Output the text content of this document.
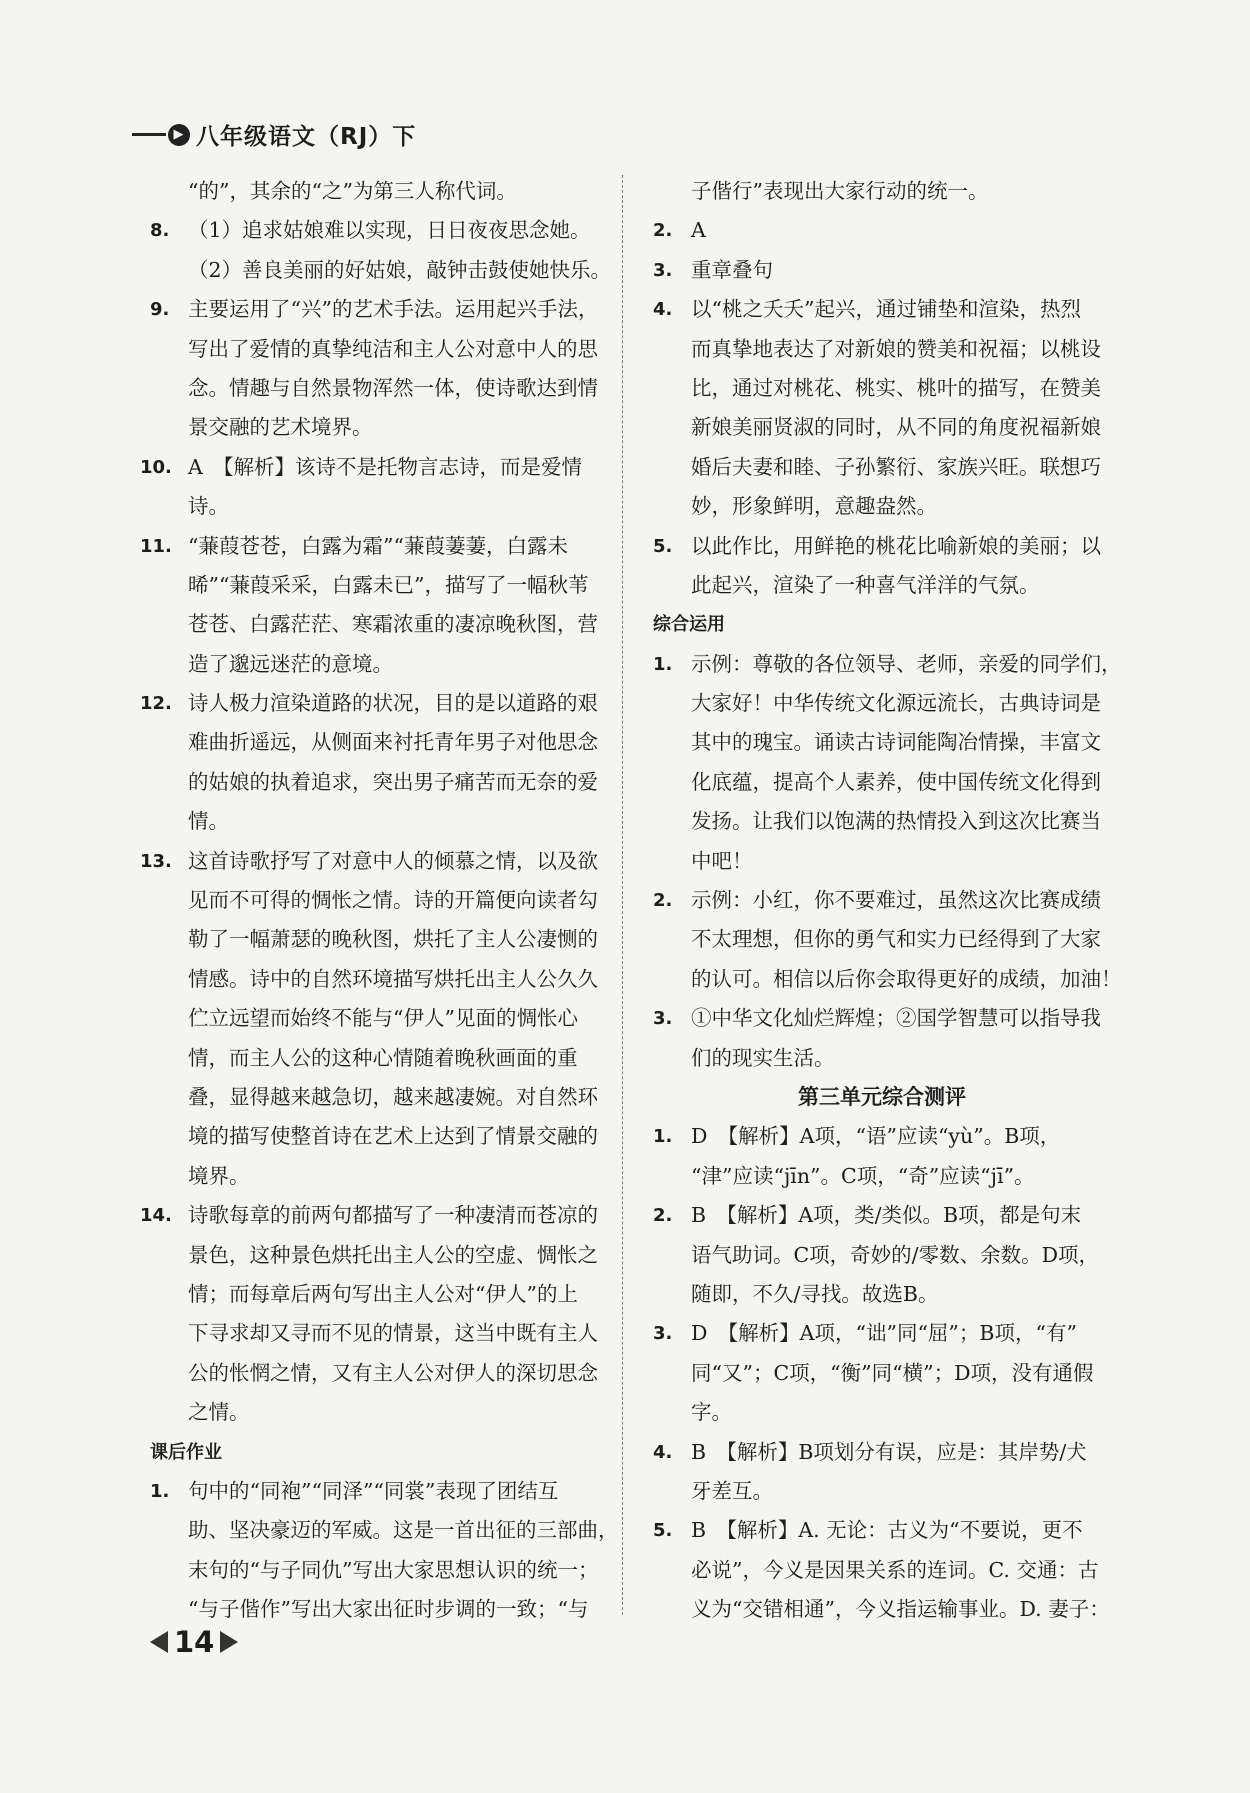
▶ 八年级语文（RJ）下
“的”，其余的“之”为第三人称代词。
8. （1）追求姑娘难以实现，日日夜夜思念她。
（2）善良美丽的好姑娘，敲钟击鼓使她快乐。
9. 主要运用了“兴”的艺术手法。运用起兴手法，
写出了爱情的真挚纯洁和主人公对意中人的思
念。情趣与自然景物浑然一体，使诗歌达到情
景交融的艺术境界。
10. A　【解析】该诗不是托物言志诗，而是爱情
诗。
11. “蒹葭苍苍，白露为霜”“蒹葭萋萋，白露未
晞”“蒹葭采采，白露未已”，描写了一幅秋苇
苍苍、白露茫茫、寒霜浓重的凄凉晚秋图，营
造了邈远迷茫的意境。
12. 诗人极力渲染道路的状况，目的是以道路的艰
难曲折遥远，从侧面来衬托青年男子对他思念
的姑娘的执着追求，突出男子痛苦而无奈的爱
情。
13. 这首诗歌抒写了对意中人的倾慕之情，以及欲
见而不可得的惆怅之情。诗的开篇便向读者勾
勒了一幅萧瑟的晚秋图，烘托了主人公凄恻的
情感。诗中的自然环境描写烘托出主人公久久
伫立远望而始终不能与“伊人”见面的惆怅心
情，而主人公的这种心情随着晚秋画面的重
叠，显得越来越急切，越来越凄婉。对自然环
境的描写使整首诗在艺术上达到了情景交融的
境界。
14. 诗歌每章的前两句都描写了一种凄清而苍凉的
景色，这种景色烘托出主人公的空虚、惆怅之
情；而每章后两句写出主人公对“伊人”的上
下寻求却又寻而不见的情景，这当中既有主人
公的怅惘之情，又有主人公对伊人的深切思念
之情。
课后作业
1. 句中的“同袍”“同泽”“同裳”表现了团结互
助、坚决豪迈的军威。这是一首出征的三部曲，
末句的“与子同仇”写出大家思想认识的统一；
“与子偕作”写出大家出征时步调的一致；“与
子偕行”表现出大家行动的统一。
2. A
3. 重章叠句
4. 以“桃之夭夭”起兴，通过铺垫和渲染，热烈
而真挚地表达了对新娘的赞美和祝福；以桃设
比，通过对桃花、桃实、桃叶的描写，在赞美
新娘美丽贤淑的同时，从不同的角度祝福新娘
婚后夫妻和睦、子孙繁衍、家族兴旺。联想巧
妙，形象鲜明，意趣盎然。
5. 以此作比，用鲜艳的桃花比喻新娘的美丽；以
此起兴，渲染了一种喜气洋洋的气氛。
综合运用
1. 示例：尊敬的各位领导、老师，亲爱的同学们，
大家好！中华传统文化源远流长，古典诗词是
其中的瑰宝。诵读古诗词能陶冶情操，丰富文
化底蕴，提高个人素养，使中国传统文化得到
发扬。让我们以饱满的热情投入到这次比赛当
中吧！
2. 示例：小红，你不要难过，虽然这次比赛成绩
不太理想，但你的勇气和实力已经得到了大家
的认可。相信以后你会取得更好的成绩，加油！
3. ①中华文化灿烂辉煌；②国学智慧可以指导我
们的现实生活。
第三单元综合测评
1. D　【解析】A项，“语”应读“yù”。B项，
“津”应读“jīn”。C项，“奇”应读“jī”。
2. B　【解析】A项，类/类似。B项，都是句末
语气助词。C项，奇妙的/零数、余数。D项，
随即，不久/寻找。故选B。
3. D　【解析】A项，“诎”同“屈”；B项，“有”
同“又”；C项，“衡”同“横”；D项，没有通假
字。
4. B　【解析】B项划分有误，应是：其岸势/犬
牙差互。
5. B　【解析】A. 无论：古义为“不要说，更不
必说”，今义是因果关系的连词。C. 交通：古
义为“交错相通”，今义指运输事业。D. 妻子：
14
